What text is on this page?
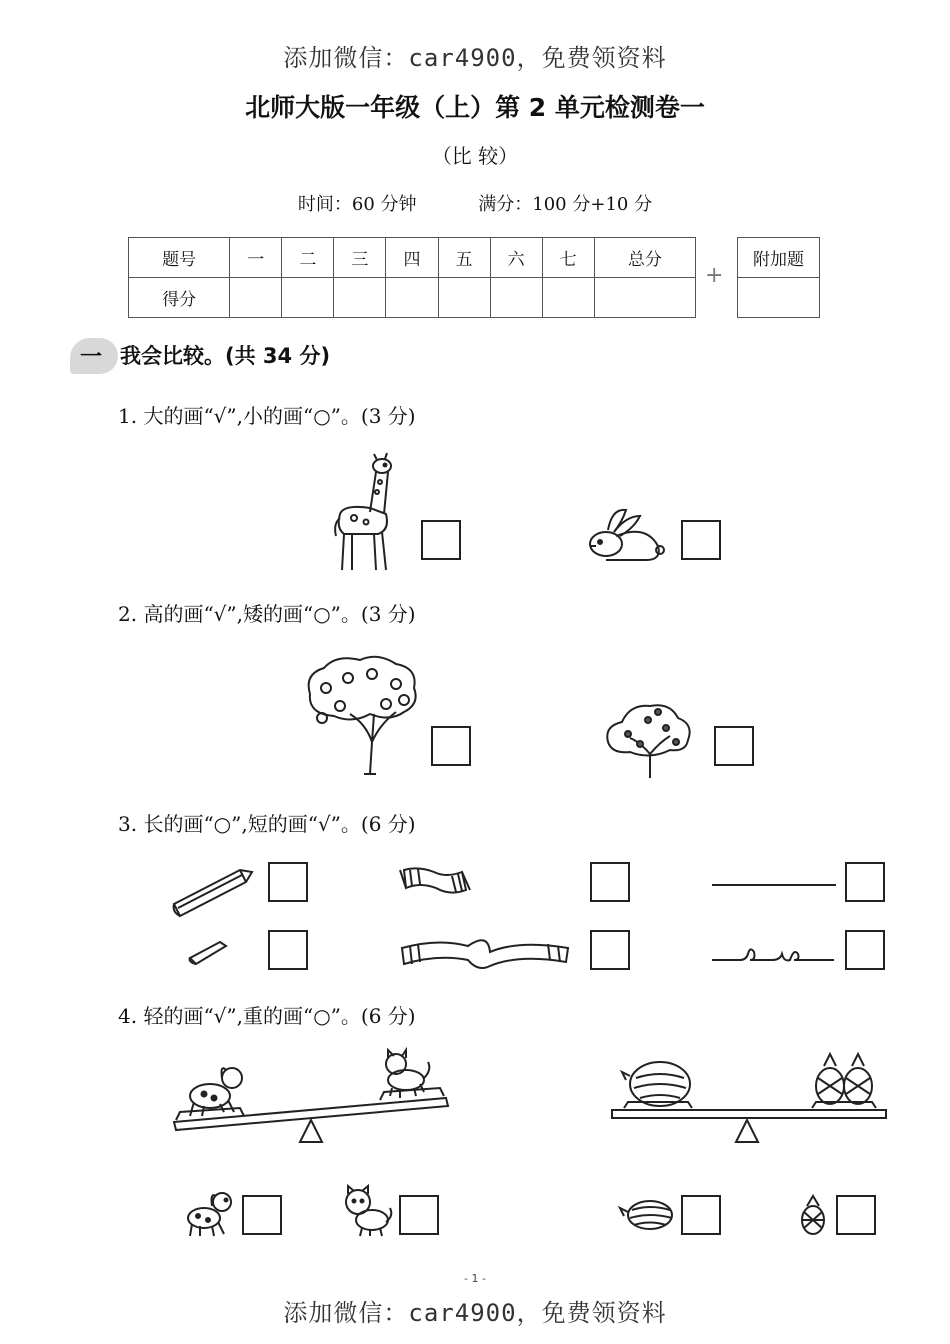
添加微信：car4900，免费领资料
添加微信：car4900，免费领资料
北师大版一年级（上）第 2 单元检测卷一
（比 较）
时间：60 分钟	满分：100 分+10 分
题号	一	二	三	四	五	六	七	总分
得分								
+
附加题

一 我会比较。(共 34 分)
1. 大的画“√”,小的画“○”。(3 分)
2. 高的画“√”,矮的画“○”。(3 分)
3. 长的画“○”,短的画“√”。(6 分)
4. 轻的画“√”,重的画“○”。(6 分)
- 1 -
